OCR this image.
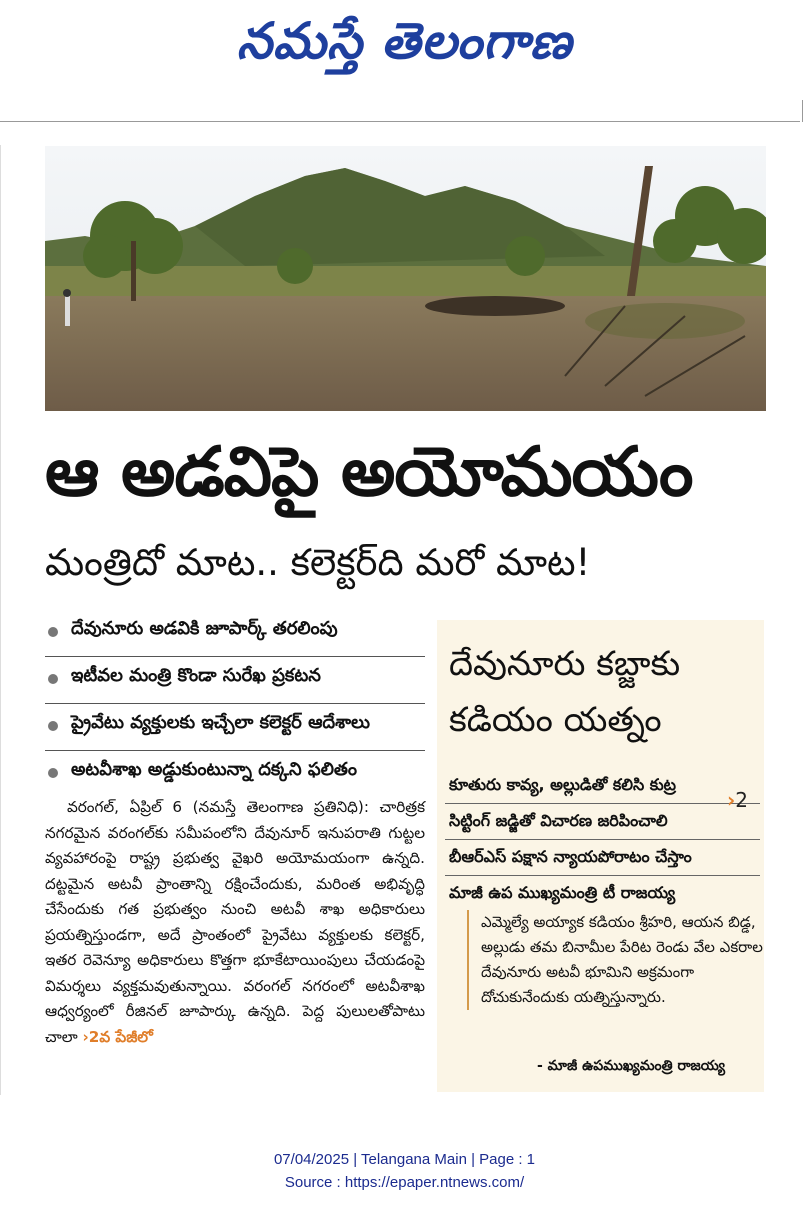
నమస్తే తెలంగాణ
ఆ అడవిపై అయోమయం
మంత్రిదో మాట.. కలెక్టర్‌ది మరో మాట!
దేవునూరు అడవికి జూపార్క్ తరలింపు
ఇటీవల మంత్రి కొండా సురేఖ ప్రకటన
ప్రైవేటు వ్యక్తులకు ఇచ్చేలా కలెక్టర్ ఆదేశాలు
అటవీశాఖ అడ్డుకుంటున్నా దక్కని ఫలితం

వరంగల్, ఏప్రిల్ 6 (నమస్తే తెలంగాణ ప్రతినిధి): చారిత్రక నగరమైన వరంగల్‌కు సమీపంలోని దేవునూర్ ఇనుపరాతి గుట్టల వ్యవహారంపై రాష్ట్ర ప్రభుత్వ వైఖరి అయోమయంగా ఉన్నది. దట్టమైన అటవీ ప్రాంతాన్ని రక్షించేందుకు, మరింత అభివృద్ధి చేసేందుకు గత ప్రభుత్వం నుంచి అటవీ శాఖ అధికారులు ప్రయత్నిస్తుండగా, అదే ప్రాంతంలో ప్రైవేటు వ్యక్తులకు కలెక్టర్, ఇతర రెవెన్యూ అధికారులు కొత్తగా భూకేటాయింపులు చేయడంపై విమర్శలు వ్యక్తమవుతున్నాయి. వరంగల్ నగరంలో అటవీశాఖ ఆధ్వర్యంలో రీజినల్ జూపార్కు ఉన్నది. పెద్ద పులులతోపాటు చాలా ›2వ పేజీలో

దేవునూరు కబ్జాకు
కడియం యత్నం
కూతురు కావ్య, అల్లుడితో కలిసి కుట్ర
సిట్టింగ్ జడ్జితో విచారణ జరిపించాలి
బీఆర్‌ఎస్ పక్షాన న్యాయపోరాటం చేస్తాం
మాజీ ఉప ముఖ్యమంత్రి టీ రాజయ్య
›2
ఎమ్మెల్యే అయ్యాక కడియం శ్రీహరి, ఆయన బిడ్డ, అల్లుడు తమ బినామీల పేరిట రెండు వేల ఎకరాల దేవునూరు అటవీ భూమిని అక్రమంగా దోచుకునేందుకు యత్నిస్తున్నారు.
- మాజీ ఉపముఖ్యమంత్రి రాజయ్య
07/04/2025 | Telangana Main | Page : 1
Source : https://epaper.ntnews.com/
